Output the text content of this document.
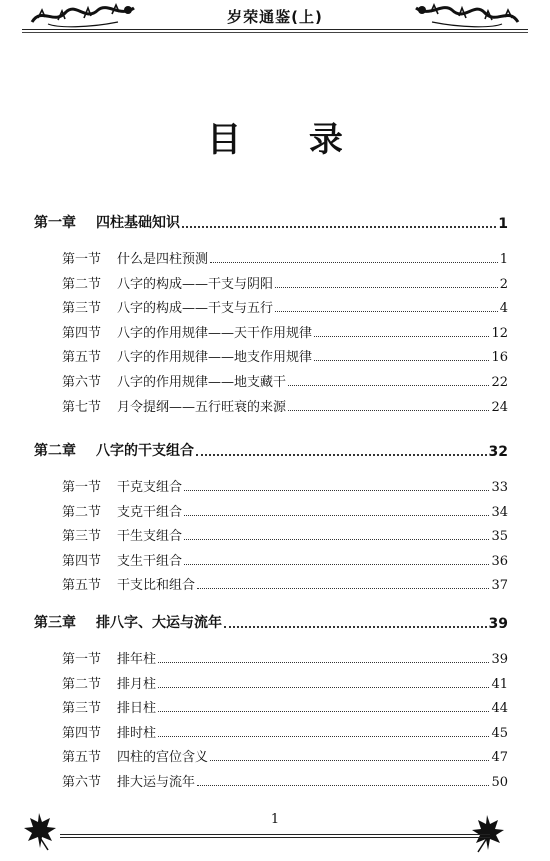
岁荣通鉴(上)
目 录
第一章 四柱基础知识	1
第一节 什么是四柱预测	1
第二节 八字的构成——干支与阴阳	2
第三节 八字的构成——干支与五行	4
第四节 八字的作用规律——天干作用规律	12
第五节 八字的作用规律——地支作用规律	16
第六节 八字的作用规律——地支藏干	22
第七节 月令提纲——五行旺衰的来源	24
第二章 八字的干支组合	32
第一节 干克支组合	33
第二节 支克干组合	34
第三节 干生支组合	35
第四节 支生干组合	36
第五节 干支比和组合	37
第三章 排八字、大运与流年	39
第一节 排年柱	39
第二节 排月柱	41
第三节 排日柱	44
第四节 排时柱	45
第五节 四柱的宫位含义	47
第六节 排大运与流年	50
1
